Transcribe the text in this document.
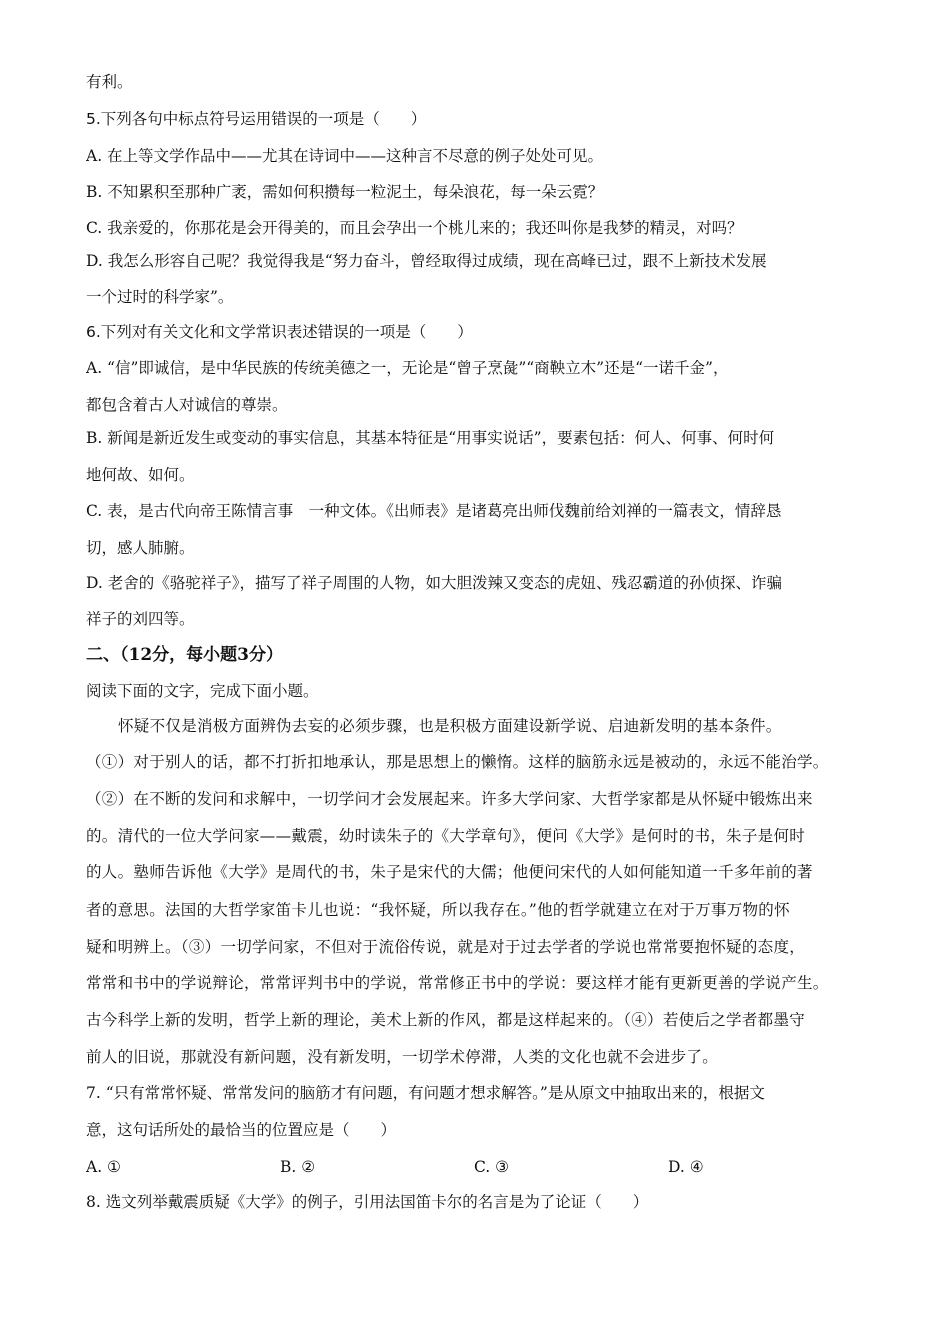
有利。
5.下列各句中标点符号运用错误的一项是（　　）
A. 在上等文学作品中——尤其在诗词中——这种言不尽意的例子处处可见。
B. 不知累积至那种广袤，需如何积攒每一粒泥土，每朵浪花，每一朵云霓？
C. 我亲爱的，你那花是会开得美的，而且会孕出一个桃儿来的；我还叫你是我梦的精灵，对吗？
D. 我怎么形容自己呢？我觉得我是“努力奋斗，曾经取得过成绩，现在高峰已过，跟不上新技术发展
一个过时的科学家”。
6.下列对有关文化和文学常识表述错误的一项是（　　）
A. “信”即诚信，是中华民族的传统美德之一，无论是“曾子烹彘”“商鞅立木”还是“一诺千金”，
都包含着古人对诚信的尊崇。
B. 新闻是新近发生或变动的事实信息，其基本特征是“用事实说话”，要素包括：何人、何事、何时何
地何故、如何。
C. 表，是古代向帝王陈情言事　一种文体。《出师表》是诸葛亮出师伐魏前给刘禅的一篇表文，情辞恳
切，感人肺腑。
D. 老舍的《骆驼祥子》，描写了祥子周围的人物，如大胆泼辣又变态的虎妞、残忍霸道的孙侦探、诈骗
祥子的刘四等。
二、（12分，每小题3分）
阅读下面的文字，完成下面小题。
怀疑不仅是消极方面辨伪去妄的必须步骤，也是积极方面建设新学说、启迪新发明的基本条件。
（①）对于别人的话，都不打折扣地承认，那是思想上的懒惰。这样的脑筋永远是被动的，永远不能治学。
（②）在不断的发问和求解中，一切学问才会发展起来。许多大学问家、大哲学家都是从怀疑中锻炼出来
的。清代的一位大学问家——戴震，幼时读朱子的《大学章句》，便问《大学》是何时的书，朱子是何时
的人。塾师告诉他《大学》是周代的书，朱子是宋代的大儒；他便问宋代的人如何能知道一千多年前的著
者的意思。法国的大哲学家笛卡儿也说：“我怀疑，所以我存在。”他的哲学就建立在对于万事万物的怀
疑和明辨上。（③）一切学问家，不但对于流俗传说，就是对于过去学者的学说也常常要抱怀疑的态度，
常常和书中的学说辩论，常常评判书中的学说，常常修正书中的学说：要这样才能有更新更善的学说产生。
古今科学上新的发明，哲学上新的理论，美术上新的作风，都是这样起来的。（④）若使后之学者都墨守
前人的旧说，那就没有新问题，没有新发明，一切学术停滞，人类的文化也就不会进步了。
7. “只有常常怀疑、常常发问的脑筋才有问题，有问题才想求解答。”是从原文中抽取出来的，根据文
意，这句话所处的最恰当的位置应是（　　）
A. ①	B. ②	C. ③	D. ④
8. 选文列举戴震质疑《大学》的例子，引用法国笛卡尔的名言是为了论证（　　）
